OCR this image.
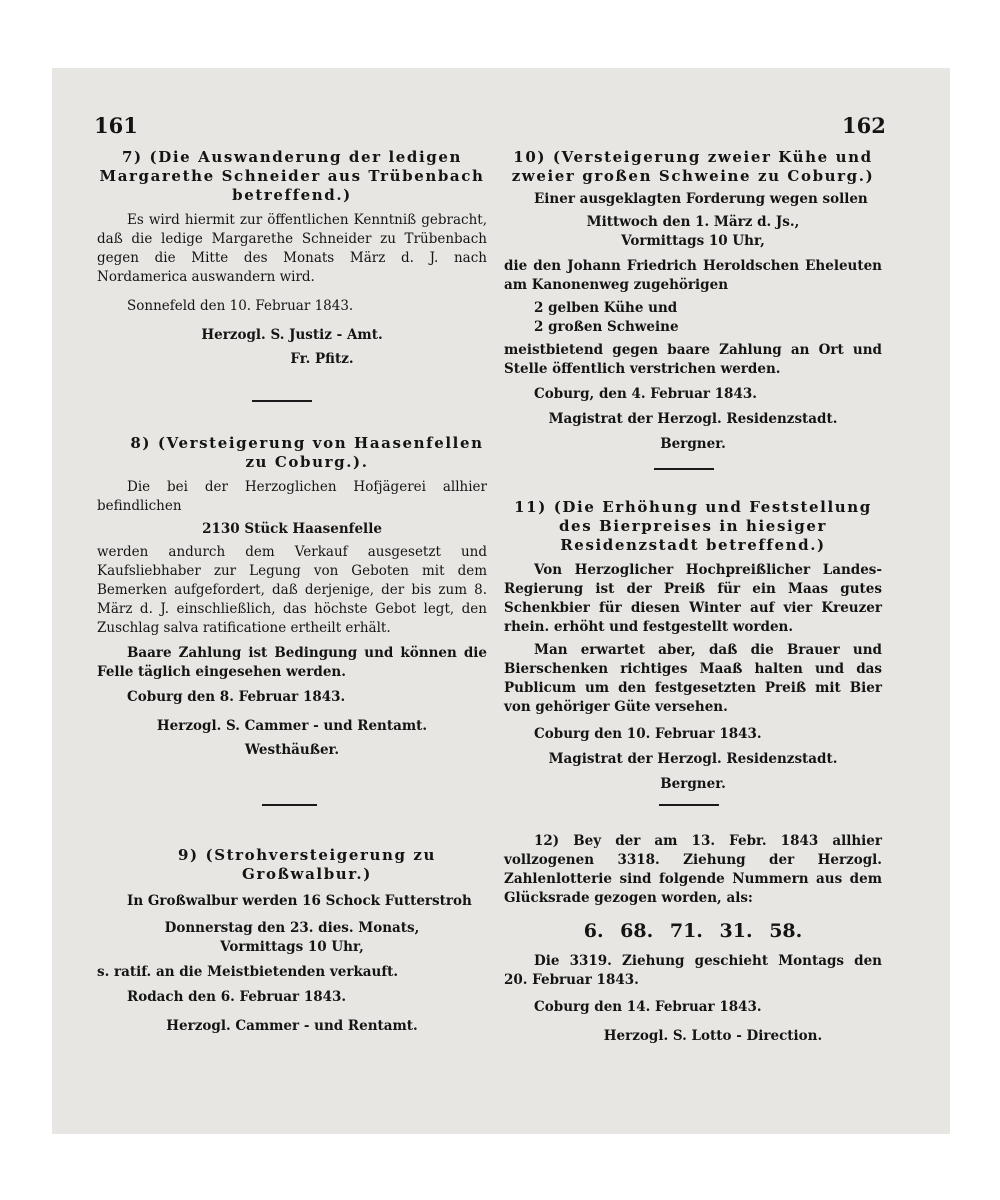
161	162

7) (Die Auswanderung der ledigen Margarethe Schneider aus Trübenbach betreffend.)

Es wird hiermit zur öffentlichen Kenntniß gebracht, daß die ledige Margarethe Schneider zu Trübenbach gegen die Mitte des Monats März d. J. nach Nordamerica auswandern wird.

Sonnefeld den 10. Februar 1843.

Herzogl. S. Justiz - Amt.

Fr. Pfitz.

8) (Versteigerung von Haasenfellen zu Coburg.).

Die bei der Herzoglichen Hofjägerei allhier befindlichen

2130 Stück Haasenfelle

werden andurch dem Verkauf ausgesetzt und Kaufsliebhaber zur Legung von Geboten mit dem Bemerken aufgefordert, daß derjenige, der bis zum 8. März d. J. einschließlich, das höchste Gebot legt, den Zuschlag salva ratificatione ertheilt erhält.

Baare Zahlung ist Bedingung und können die Felle täglich eingesehen werden.

Coburg den 8. Februar 1843.

Herzogl. S. Cammer - und Rentamt.

Westhäußer.

9) (Strohversteigerung zu Großwalbur.)

In Großwalbur werden 16 Schock Futterstroh

Donnerstag den 23. dies. Monats,

Vormittags 10 Uhr,

s. ratif. an die Meistbietenden verkauft.

Rodach den 6. Februar 1843.

Herzogl. Cammer - und Rentamt.

10) (Versteigerung zweier Kühe und zweier großen Schweine zu Coburg.)

Einer ausgeklagten Forderung wegen sollen

Mittwoch den 1. März d. Js.,

Vormittags 10 Uhr,

die den Johann Friedrich Heroldschen Eheleuten am Kanonenweg zugehörigen

2 gelben Kühe und

2 großen Schweine

meistbietend gegen baare Zahlung an Ort und Stelle öffentlich verstrichen werden.

Coburg, den 4. Februar 1843.

Magistrat der Herzogl. Residenzstadt.

Bergner.

11) (Die Erhöhung und Feststellung des Bierpreises in hiesiger Residenzstadt betreffend.)

Von Herzoglicher Hochpreißlicher Landes-Regierung ist der Preiß für ein Maas gutes Schenkbier für diesen Winter auf vier Kreuzer rhein. erhöht und festgestellt worden.

Man erwartet aber, daß die Brauer und Bierschenken richtiges Maaß halten und das Publicum um den festgesetzten Preiß mit Bier von gehöriger Güte versehen.

Coburg den 10. Februar 1843.

Magistrat der Herzogl. Residenzstadt.

Bergner.

12) Bey der am 13. Febr. 1843 allhier vollzogenen 3318. Ziehung der Herzogl. Zahlenlotterie sind folgende Nummern aus dem Glücksrade gezogen worden, als:

6. 68. 71. 31. 58.

Die 3319. Ziehung geschieht Montags den 20. Februar 1843.

Coburg den 14. Februar 1843.

Herzogl. S. Lotto - Direction.
